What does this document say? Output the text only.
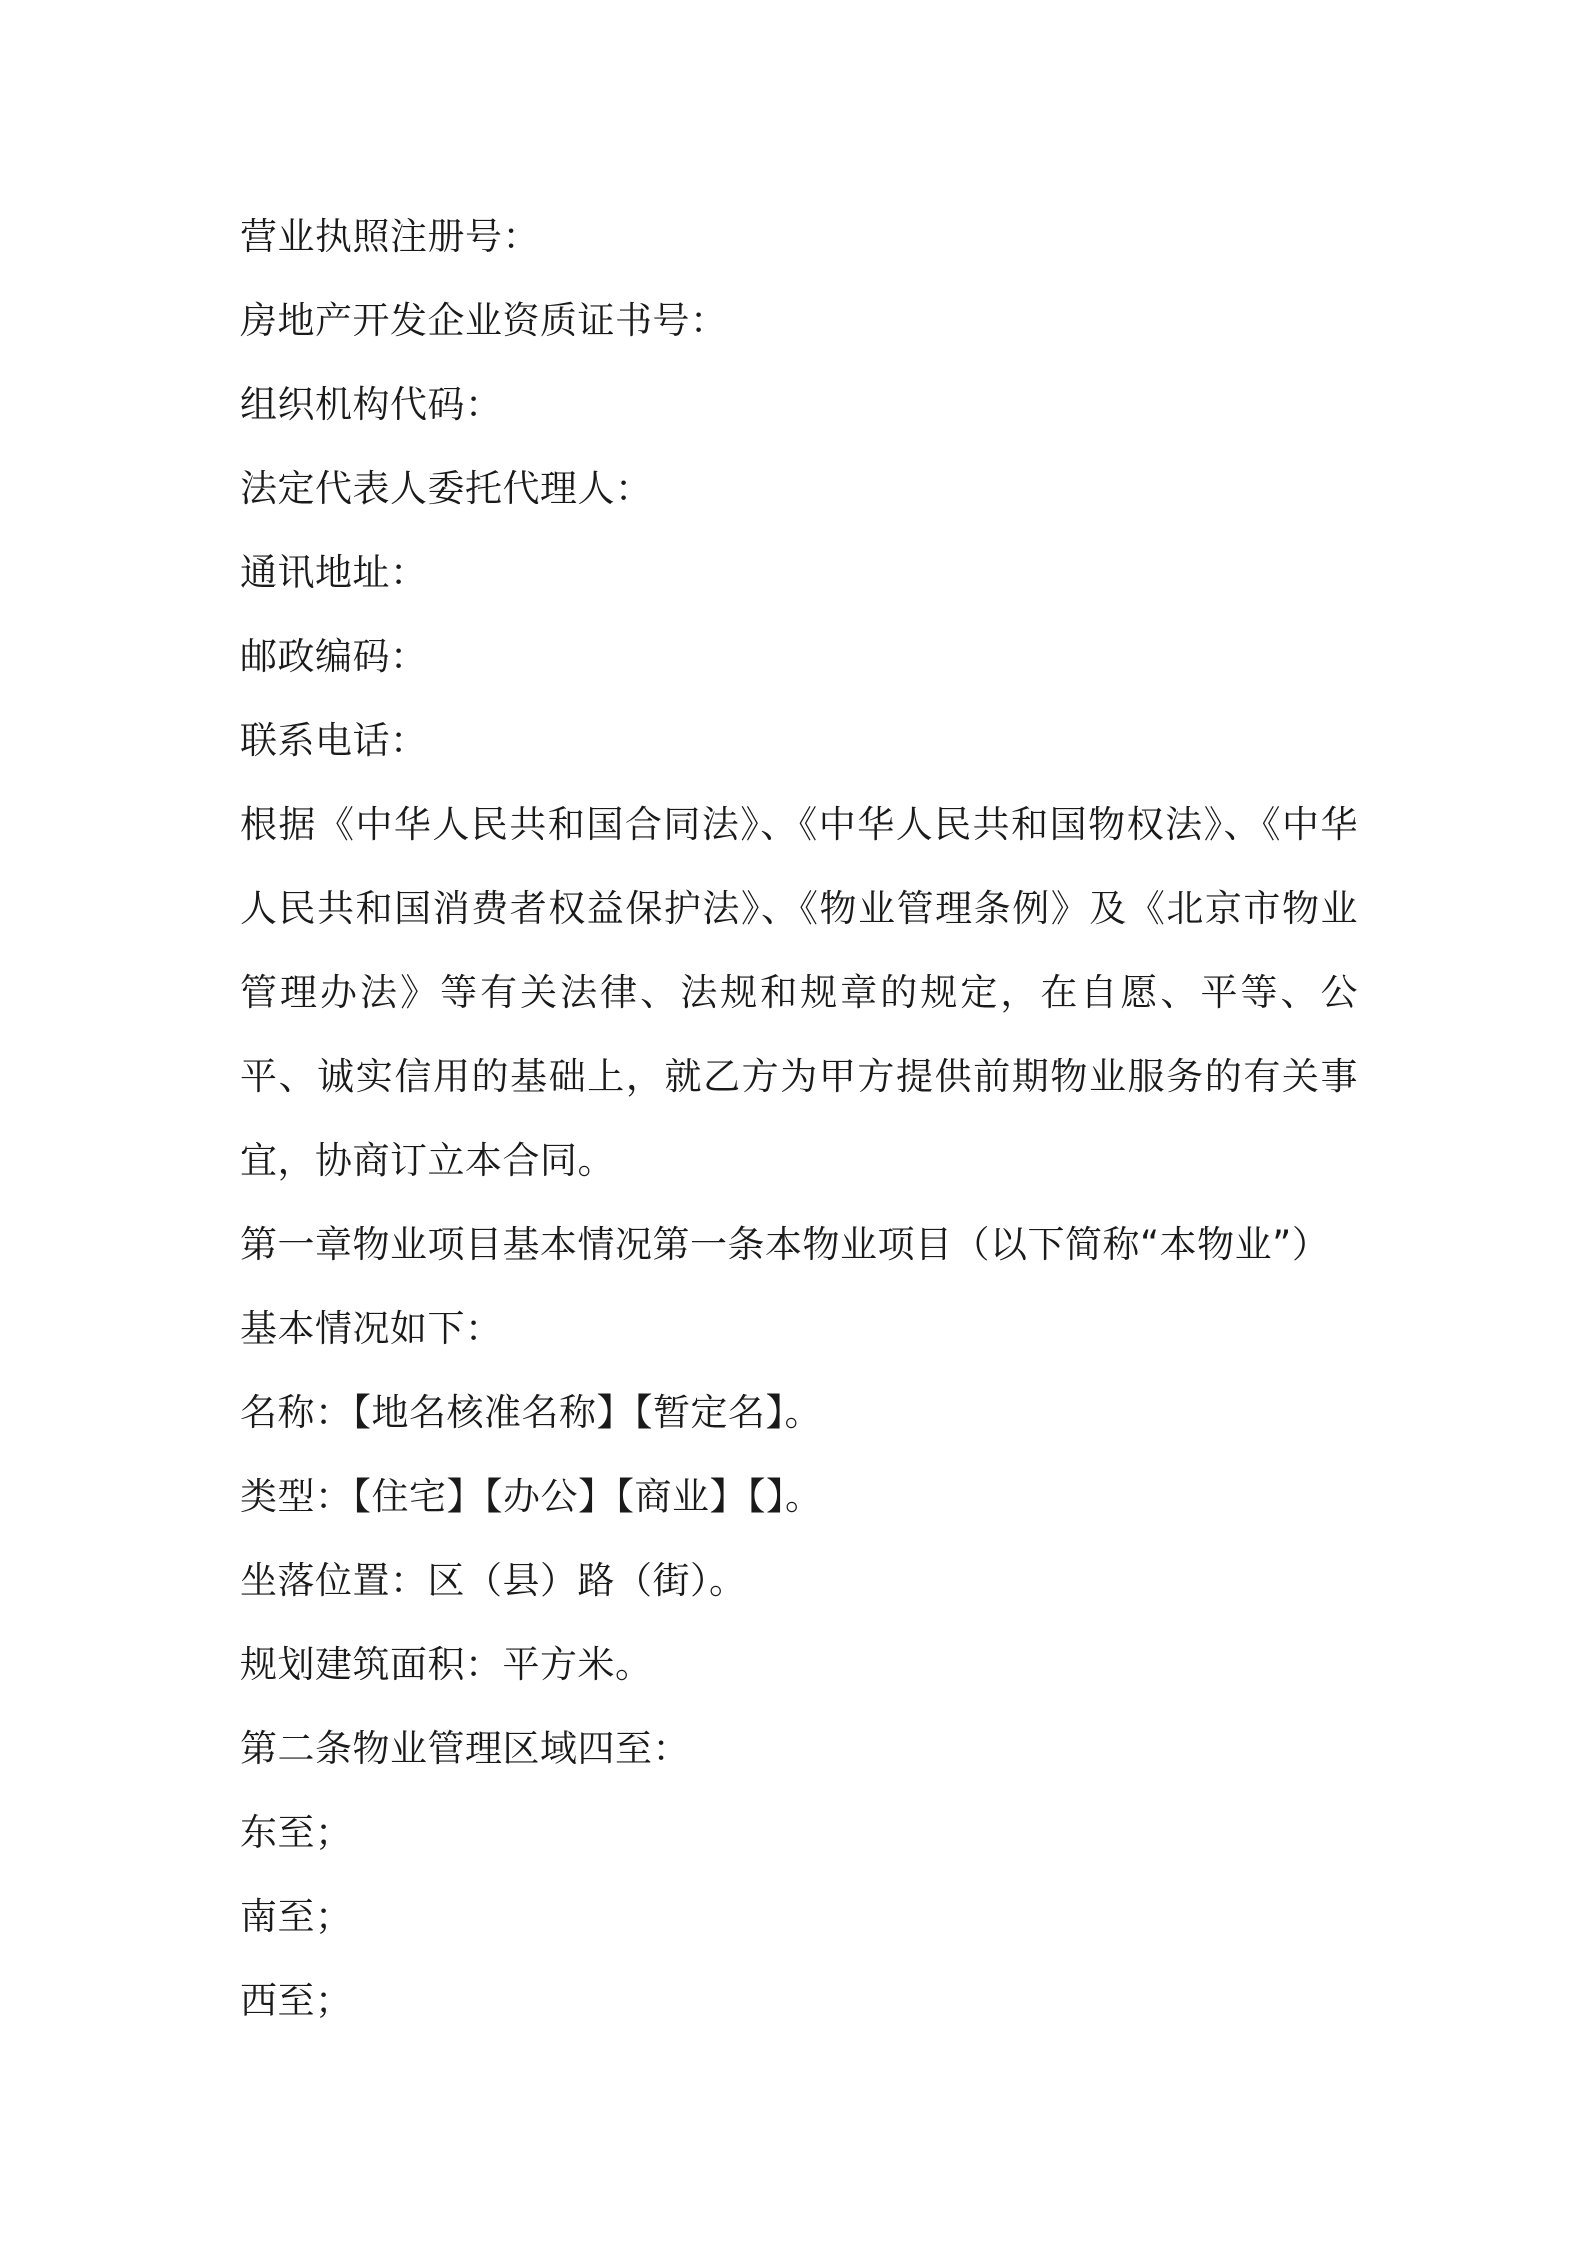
营业执照注册号：
房地产开发企业资质证书号：
组织机构代码：
法定代表人委托代理人：
通讯地址：
邮政编码：
联系电话：
根据《中华人民共和国合同法》、《中华人民共和国物权法》、《中华人民共和国消费者权益保护法》、《物业管理条例》及《北京市物业管理办法》等有关法律、法规和规章的规定，在自愿、平等、公平、诚实信用的基础上，就乙方为甲方提供前期物业服务的有关事宜，协商订立本合同。
第一章物业项目基本情况第一条本物业项目（以下简称“本物业”）
基本情况如下：
名称：【地名核准名称】【暂定名】。
类型：【住宅】【办公】【商业】【】。
坐落位置：区（县）路（街）。
规划建筑面积：平方米。
第二条物业管理区域四至：
东至；
南至；
西至；
